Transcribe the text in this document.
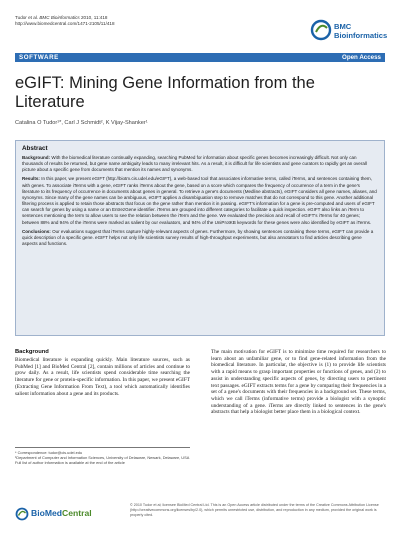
Tudor et al. BMC Bioinformatics 2010, 11:418
http://www.biomedcentral.com/1471-2105/11/418	BMC
Bioinformatics
SOFTWARE	Open Access
eGIFT: Mining Gene Information from the Literature
Catalina O Tudor¹*, Carl J Schmidt², K Vijay-Shanker¹
Abstract

Background: With the biomedical literature continually expanding, searching PubMed for information about specific genes becomes increasingly difficult. Not only can thousands of results be returned, but gene name ambiguity leads to many irrelevant hits. As a result, it is difficult for life scientists and gene curators to rapidly get an overall picture about a specific gene from documents that mention its names and synonyms.

Results: In this paper, we present eGIFT (http://biotm.cis.udel.edu/eGIFT), a web-based tool that associates informative terms, called iTerms, and sentences containing them, with genes. To associate iTerms with a gene, eGIFT ranks iTerms about the gene, based on a score which compares the frequency of occurrence of a term in the gene's literature to its frequency of occurrence in documents about genes in general. To retrieve a gene's documents (Medline abstracts), eGIFT considers all gene names, aliases, and synonyms. Since many of the gene names can be ambiguous, eGIFT applies a disambiguation step to remove matches that do not correspond to this gene. Another additional filtering process is applied to retain those abstracts that focus on the gene rather than mention it in passing. eGIFT's information for a gene is pre-computed and users of eGIFT can search for genes by using a name or an EntrezGene identifier. iTerms are grouped into different categories to facilitate a quick inspection. eGIFT also links an iTerm to sentences mentioning the term to allow users to see the relation between the iTerm and the gene. We evaluated the precision and recall of eGIFT's iTerms for 40 genes; between 88% and 94% of the iTerms were marked as salient by our evaluators, and 94% of the UniProtKB keywords for these genes were also identified by eGIFT as iTerms.

Conclusions: Our evaluations suggest that iTerms capture highly-relevant aspects of genes. Furthermore, by showing sentences containing these terms, eGIFT can provide a quick description of a specific gene. eGIFT helps not only life scientists survey results of high-throughput experiments, but also annotators to find articles describing gene aspects and functions.

Background

Biomedical literature is expanding quickly. Main literature sources, such as PubMed [1] and BioMed Central [2], contain millions of articles and continue to grow daily. As a result, life scientists spend considerable time searching the literature for gene or protein-specific information. In this paper, we present eGIFT (Extracting Gene Information From Text), a tool which automatically identifies salient information about a gene and its products.

The main motivation for eGIFT is to minimize time required for researchers to learn about an unfamiliar gene, or to find gene-related information from the biomedical literature. In particular, the objective is (1) to provide life scientists with a rapid means to grasp important properties or functions of genes, and (2) to assist in understanding specific aspects of genes, by directing users to pertinent text passages. eGIFT extracts terms for a gene by comparing their frequencies in a set of a gene's documents with their frequencies in a background set. These terms, which we call iTerms (informative terms) provide a biologist with a synoptic understanding of a gene. iTerms are directly linked to sentences in the gene's abstracts that help a biologist better place them in a biological context.

* Correspondence: tudor@cis.udel.edu
¹Department of Computer and Information Sciences, University of Delaware, Newark, Delaware, USA
Full list of author information is available at the end of the article
BioMedCentral
© 2010 Tudor et al; licensee BioMed Central Ltd. This is an Open Access article distributed under the terms of the Creative Commons Attribution License (http://creativecommons.org/licenses/by/2.0), which permits unrestricted use, distribution, and reproduction in any medium, provided the original work is properly cited.
